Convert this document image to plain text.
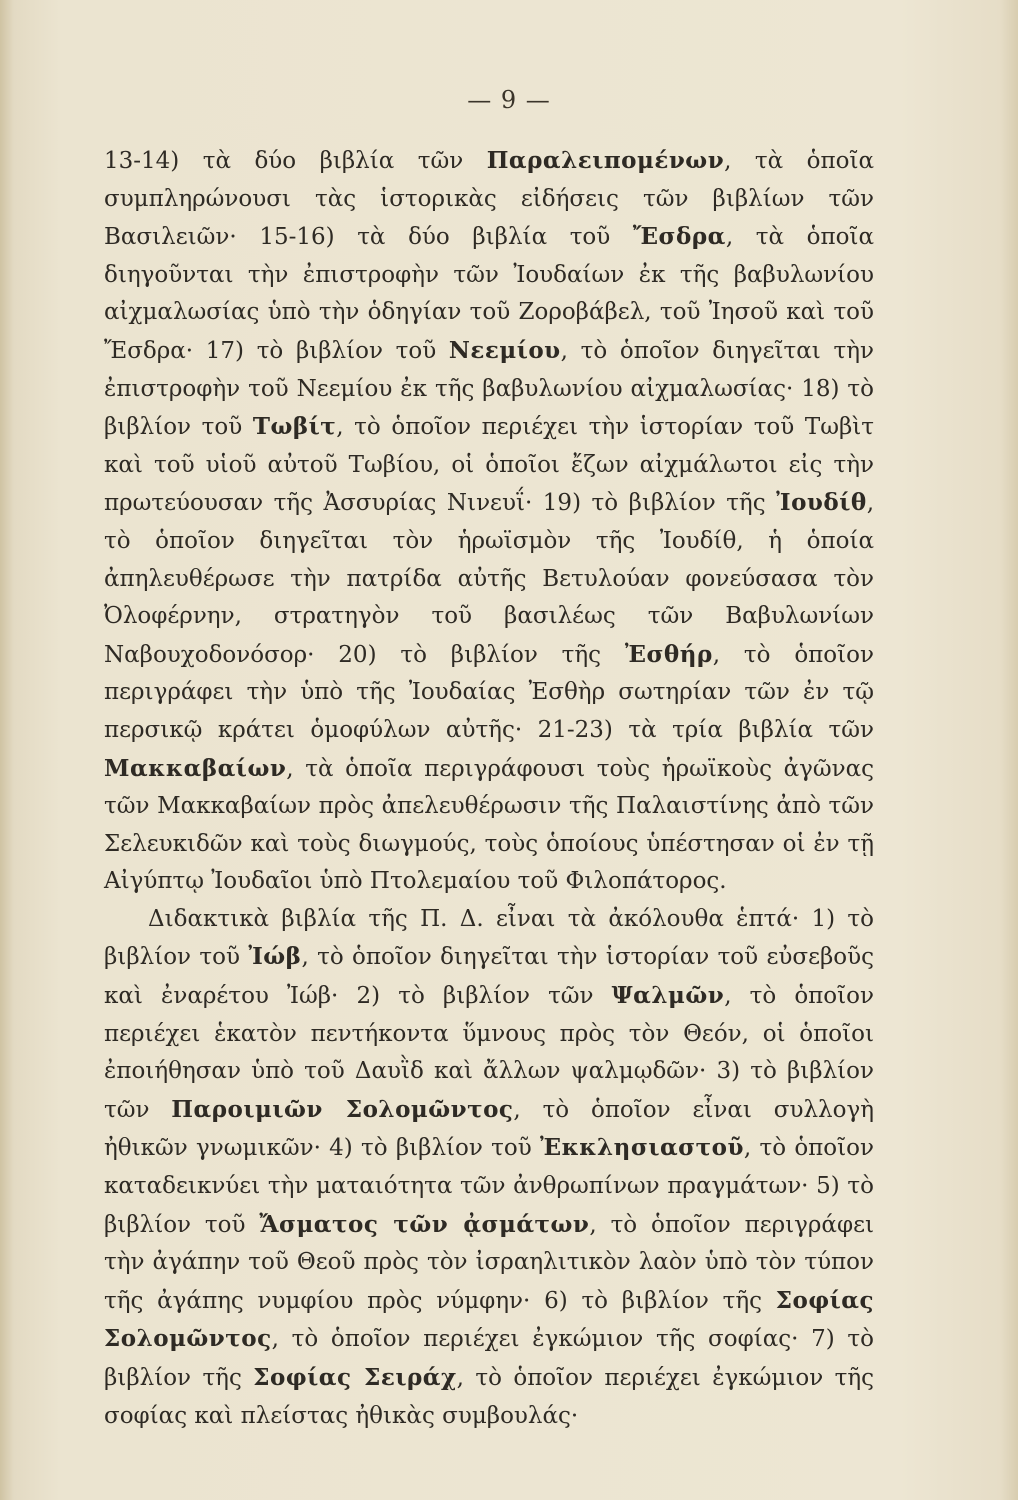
— 9 —

13-14) τὰ δύο βιβλία τῶν Παραλειπομένων, τὰ ὁποῖα συμπληρώνουσι τὰς ἱστορικὰς εἰδήσεις τῶν βιβλίων τῶν Βασιλειῶν· 15-16) τὰ δύο βιβλία τοῦ Ἔσδρα, τὰ ὁποῖα διηγοῦνται τὴν ἐπιστροφὴν τῶν Ἰουδαίων ἐκ τῆς βαβυλωνίου αἰχμαλωσίας ὑπὸ τὴν ὁδηγίαν τοῦ Ζοροβάβελ, τοῦ Ἰησοῦ καὶ τοῦ Ἔσδρα· 17) τὸ βιβλίον τοῦ Νεεμίου, τὸ ὁποῖον διηγεῖται τὴν ἐπιστροφὴν τοῦ Νεεμίου ἐκ τῆς βαβυλωνίου αἰχμαλωσίας· 18) τὸ βιβλίον τοῦ Τωβίτ, τὸ ὁποῖον περιέχει τὴν ἱστορίαν τοῦ Τωβὶτ καὶ τοῦ υἱοῦ αὐτοῦ Τωβίου, οἱ ὁποῖοι ἔζων αἰχμάλωτοι εἰς τὴν πρωτεύουσαν τῆς Ἀσσυρίας Νινευΐ· 19) τὸ βιβλίον τῆς Ἰουδίθ, τὸ ὁποῖον διηγεῖται τὸν ἡρωϊσμὸν τῆς Ἰουδίθ, ἡ ὁποία ἀπηλευθέρωσε τὴν πατρίδα αὐτῆς Βετυλούαν φονεύσασα τὸν Ὀλοφέρνην, στρατηγὸν τοῦ βασιλέως τῶν Βαβυλωνίων Ναβουχοδονόσορ· 20) τὸ βιβλίον τῆς Ἐσθήρ, τὸ ὁποῖον περιγράφει τὴν ὑπὸ τῆς Ἰουδαίας Ἐσθὴρ σωτηρίαν τῶν ἐν τῷ περσικῷ κράτει ὁμοφύλων αὐτῆς· 21-23) τὰ τρία βιβλία τῶν Μακκαβαίων, τὰ ὁποῖα περιγράφουσι τοὺς ἡρωϊκοὺς ἀγῶνας τῶν Μακκαβαίων πρὸς ἀπελευθέρωσιν τῆς Παλαιστίνης ἀπὸ τῶν Σελευκιδῶν καὶ τοὺς διωγμούς, τοὺς ὁποίους ὑπέστησαν οἱ ἐν τῇ Αἰγύπτῳ Ἰουδαῖοι ὑπὸ Πτολεμαίου τοῦ Φιλοπάτορος.

Διδακτικὰ βιβλία τῆς Π. Δ. εἶναι τὰ ἀκόλουθα ἑπτά· 1) τὸ βιβλίον τοῦ Ἰώβ, τὸ ὁποῖον διηγεῖται τὴν ἱστορίαν τοῦ εὐσεβοῦς καὶ ἐναρέτου Ἰώβ· 2) τὸ βιβλίον τῶν Ψαλμῶν, τὸ ὁποῖον περιέχει ἑκατὸν πεντήκοντα ὕμνους πρὸς τὸν Θεόν, οἱ ὁποῖοι ἐποιήθησαν ὑπὸ τοῦ Δαυῒδ καὶ ἄλλων ψαλμῳδῶν· 3) τὸ βιβλίον τῶν Παροιμιῶν Σολομῶντος, τὸ ὁποῖον εἶναι συλλογὴ ἠθικῶν γνωμικῶν· 4) τὸ βιβλίον τοῦ Ἐκκλησιαστοῦ, τὸ ὁποῖον καταδεικνύει τὴν ματαιότητα τῶν ἀνθρωπίνων πραγμάτων· 5) τὸ βιβλίον τοῦ Ἄσματος τῶν ᾀσμάτων, τὸ ὁποῖον περιγράφει τὴν ἀγάπην τοῦ Θεοῦ πρὸς τὸν ἰσραηλιτικὸν λαὸν ὑπὸ τὸν τύπον τῆς ἀγάπης νυμφίου πρὸς νύμφην· 6) τὸ βιβλίον τῆς Σοφίας Σολομῶντος, τὸ ὁποῖον περιέχει ἐγκώμιον τῆς σοφίας· 7) τὸ βιβλίον τῆς Σοφίας Σειράχ, τὸ ὁποῖον περιέχει ἐγκώμιον τῆς σοφίας καὶ πλείστας ἠθικὰς συμβουλάς·
